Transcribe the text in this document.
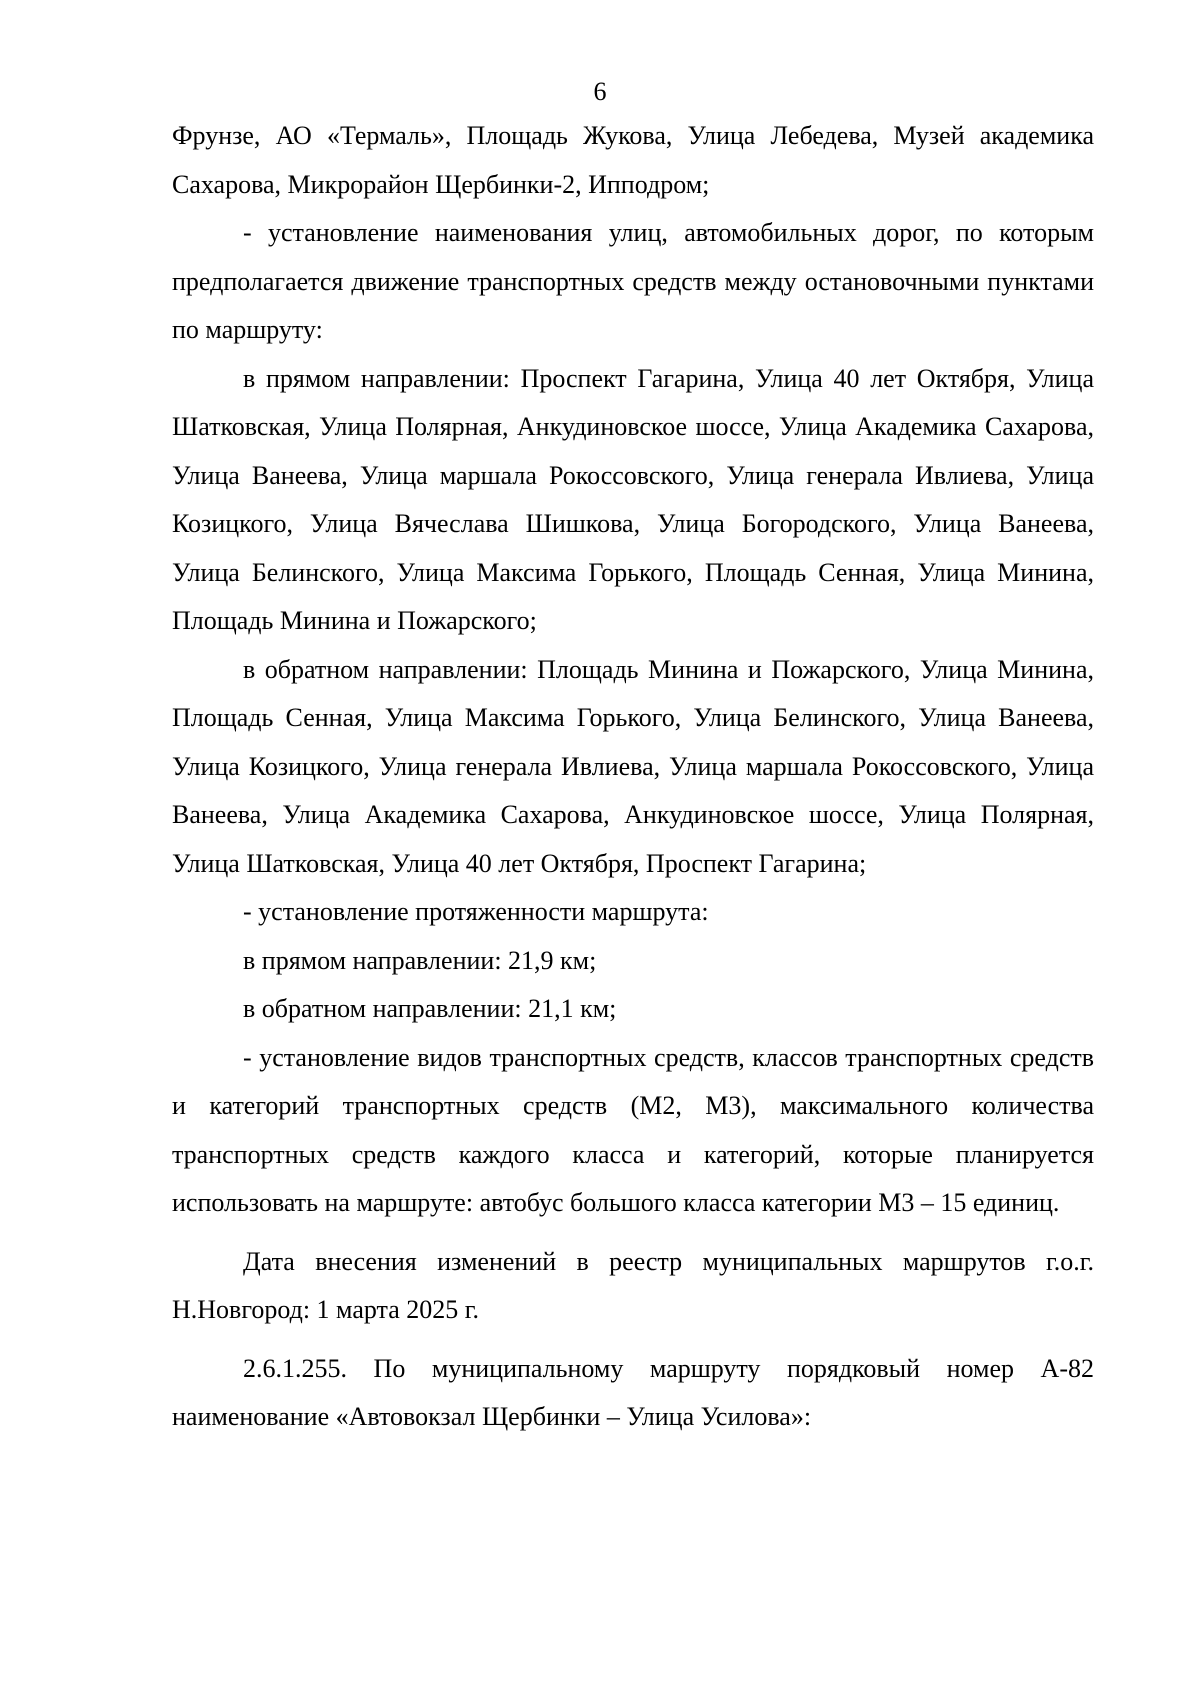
6

Фрунзе, АО «Термаль», Площадь Жукова, Улица Лебедева, Музей академика Сахарова, Микрорайон Щербинки-2, Ипподром;

- установление наименования улиц, автомобильных дорог, по которым предполагается движение транспортных средств между остановочными пунктами по маршруту:

в прямом направлении: Проспект Гагарина, Улица 40 лет Октября, Улица Шатковская, Улица Полярная, Анкудиновское шоссе, Улица Академика Сахарова, Улица Ванеева, Улица маршала Рокоссовского, Улица генерала Ивлиева, Улица Козицкого, Улица Вячеслава Шишкова, Улица Богородского, Улица Ванеева, Улица Белинского, Улица Максима Горького, Площадь Сенная, Улица Минина, Площадь Минина и Пожарского;

в обратном направлении: Площадь Минина и Пожарского, Улица Минина, Площадь Сенная, Улица Максима Горького, Улица Белинского, Улица Ванеева, Улица Козицкого, Улица генерала Ивлиева, Улица маршала Рокоссовского, Улица Ванеева, Улица Академика Сахарова, Анкудиновское шоссе, Улица Полярная, Улица Шатковская, Улица 40 лет Октября, Проспект Гагарина;

- установление протяженности маршрута:

в прямом направлении: 21,9 км;

в обратном направлении: 21,1 км;

- установление видов транспортных средств, классов транспортных средств и категорий транспортных средств (М2, М3), максимального количества транспортных средств каждого класса и категорий, которые планируется использовать на маршруте: автобус большого класса категории М3 – 15 единиц.

Дата внесения изменений в реестр муниципальных маршрутов г.о.г. Н.Новгород: 1 марта 2025 г.

2.6.1.255. По муниципальному маршруту порядковый номер А-82 наименование «Автовокзал Щербинки – Улица Усилова»:
